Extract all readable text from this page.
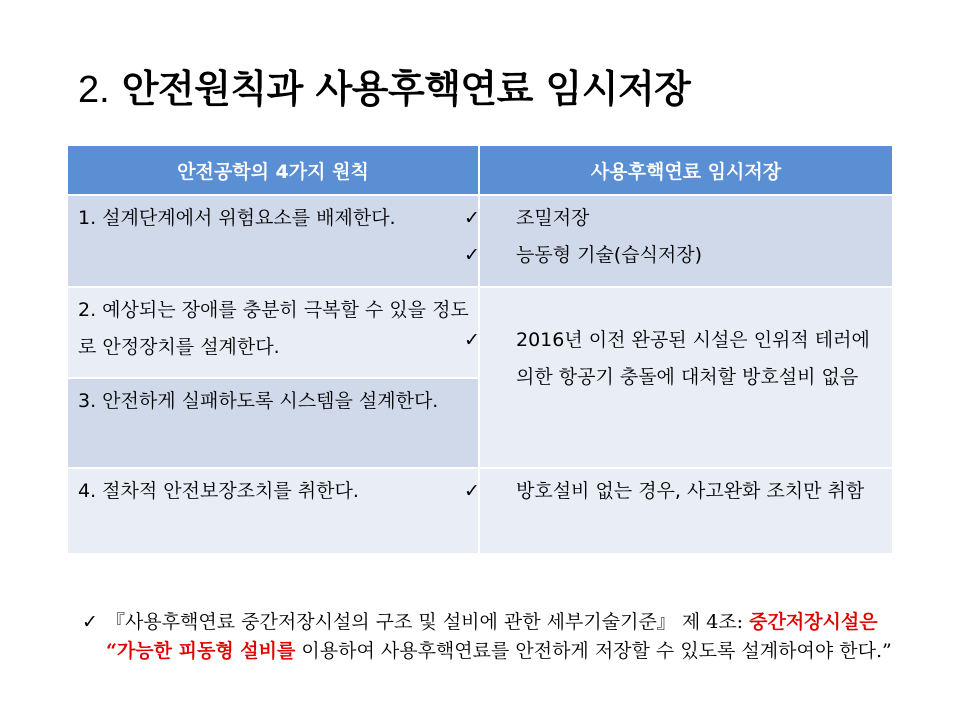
2. 안전원칙과 사용후핵연료 임시저장
안전공학의 4가지 원칙	사용후핵연료 임시저장
1. 설계단계에서 위험요소를 배제한다.	✓ 조밀저장
✓ 능동형 기술(습식저장)

2. 예상되는 장애를 충분히 극복할 수 있을 정도로 안정장치를 설계한다.	✓ 2016년 이전 완공된 시설은 인위적 테러에 의한 항공기 충돌에 대처할 방호설비 없음

3. 안전하게 실패하도록 시스템을 설계한다.	
4. 절차적 안전보장조치를 취한다.	✓ 방호설비 없는 경우, 사고완화 조치만 취함
✓ 『사용후핵연료 중간저장시설의 구조 및 설비에 관한 세부기술기준』 제 4조: 중간저장시설은 “가능한 피동형 설비를 이용하여 사용후핵연료를 안전하게 저장할 수 있도록 설계하여야 한다.”
